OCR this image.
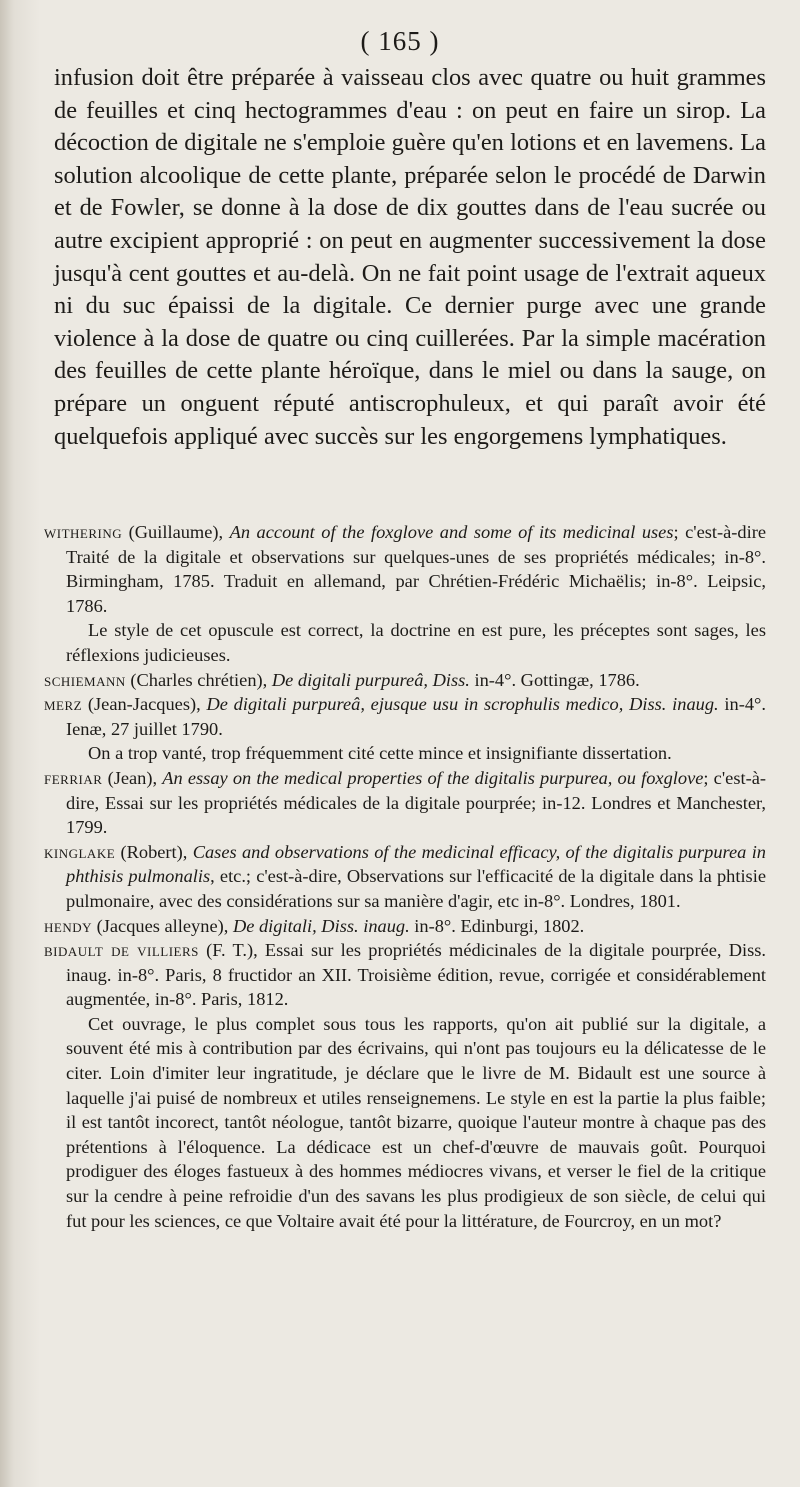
( 165 )

infusion doit être préparée à vaisseau clos avec quatre ou huit grammes de feuilles et cinq hectogrammes d'eau : on peut en faire un sirop. La décoction de digitale ne s'emploie guère qu'en lotions et en lavemens. La solution alcoolique de cette plante, préparée selon le procédé de Darwin et de Fowler, se donne à la dose de dix gouttes dans de l'eau sucrée ou autre excipient approprié : on peut en augmenter successivement la dose jusqu'à cent gouttes et au-delà. On ne fait point usage de l'extrait aqueux ni du suc épaissi de la digitale. Ce dernier purge avec une grande violence à la dose de quatre ou cinq cuillerées. Par la simple macération des feuilles de cette plante héroïque, dans le miel ou dans la sauge, on prépare un onguent réputé antiscrophuleux, et qui paraît avoir été quelquefois appliqué avec succès sur les engorgemens lymphatiques.

withering (Guillaume), An account of the foxglove and some of its medicinal uses; c'est-à-dire Traité de la digitale et observations sur quelques-unes de ses propriétés médicales; in-8°. Birmingham, 1785. Traduit en allemand, par Chrétien-Frédéric Michaëlis; in-8°. Leipsic, 1786.

Le style de cet opuscule est correct, la doctrine en est pure, les préceptes sont sages, les réflexions judicieuses.

schiemann (Charles chrétien), De digitali purpureâ, Diss. in-4°. Gottingæ, 1786.

merz (Jean-Jacques), De digitali purpureâ, ejusque usu in scrophulis medico, Diss. inaug. in-4°. Ienæ, 27 juillet 1790.

On a trop vanté, trop fréquemment cité cette mince et insignifiante dissertation.

ferriar (Jean), An essay on the medical properties of the digitalis purpurea, ou foxglove; c'est-à-dire, Essai sur les propriétés médicales de la digitale pourprée; in-12. Londres et Manchester, 1799.

kinglake (Robert), Cases and observations of the medicinal efficacy, of the digitalis purpurea in phthisis pulmonalis, etc.; c'est-à-dire, Observations sur l'efficacité de la digitale dans la phtisie pulmonaire, avec des considérations sur sa manière d'agir, etc in-8°. Londres, 1801.

hendy (Jacques alleyne), De digitali, Diss. inaug. in-8°. Edinburgi, 1802.

bidault de villiers (F. T.), Essai sur les propriétés médicinales de la digitale pourprée, Diss. inaug. in-8°. Paris, 8 fructidor an XII. Troisième édition, revue, corrigée et considérablement augmentée, in-8°. Paris, 1812.

Cet ouvrage, le plus complet sous tous les rapports, qu'on ait publié sur la digitale, a souvent été mis à contribution par des écrivains, qui n'ont pas toujours eu la délicatesse de le citer. Loin d'imiter leur ingratitude, je déclare que le livre de M. Bidault est une source à laquelle j'ai puisé de nombreux et utiles renseignemens. Le style en est la partie la plus faible; il est tantôt incorect, tantôt néologue, tantôt bizarre, quoique l'auteur montre à chaque pas des prétentions à l'éloquence. La dédicace est un chef-d'œuvre de mauvais goût. Pourquoi prodiguer des éloges fastueux à des hommes médiocres vivans, et verser le fiel de la critique sur la cendre à peine refroidie d'un des savans les plus prodigieux de son siècle, de celui qui fut pour les sciences, ce que Voltaire avait été pour la littérature, de Fourcroy, en un mot?
